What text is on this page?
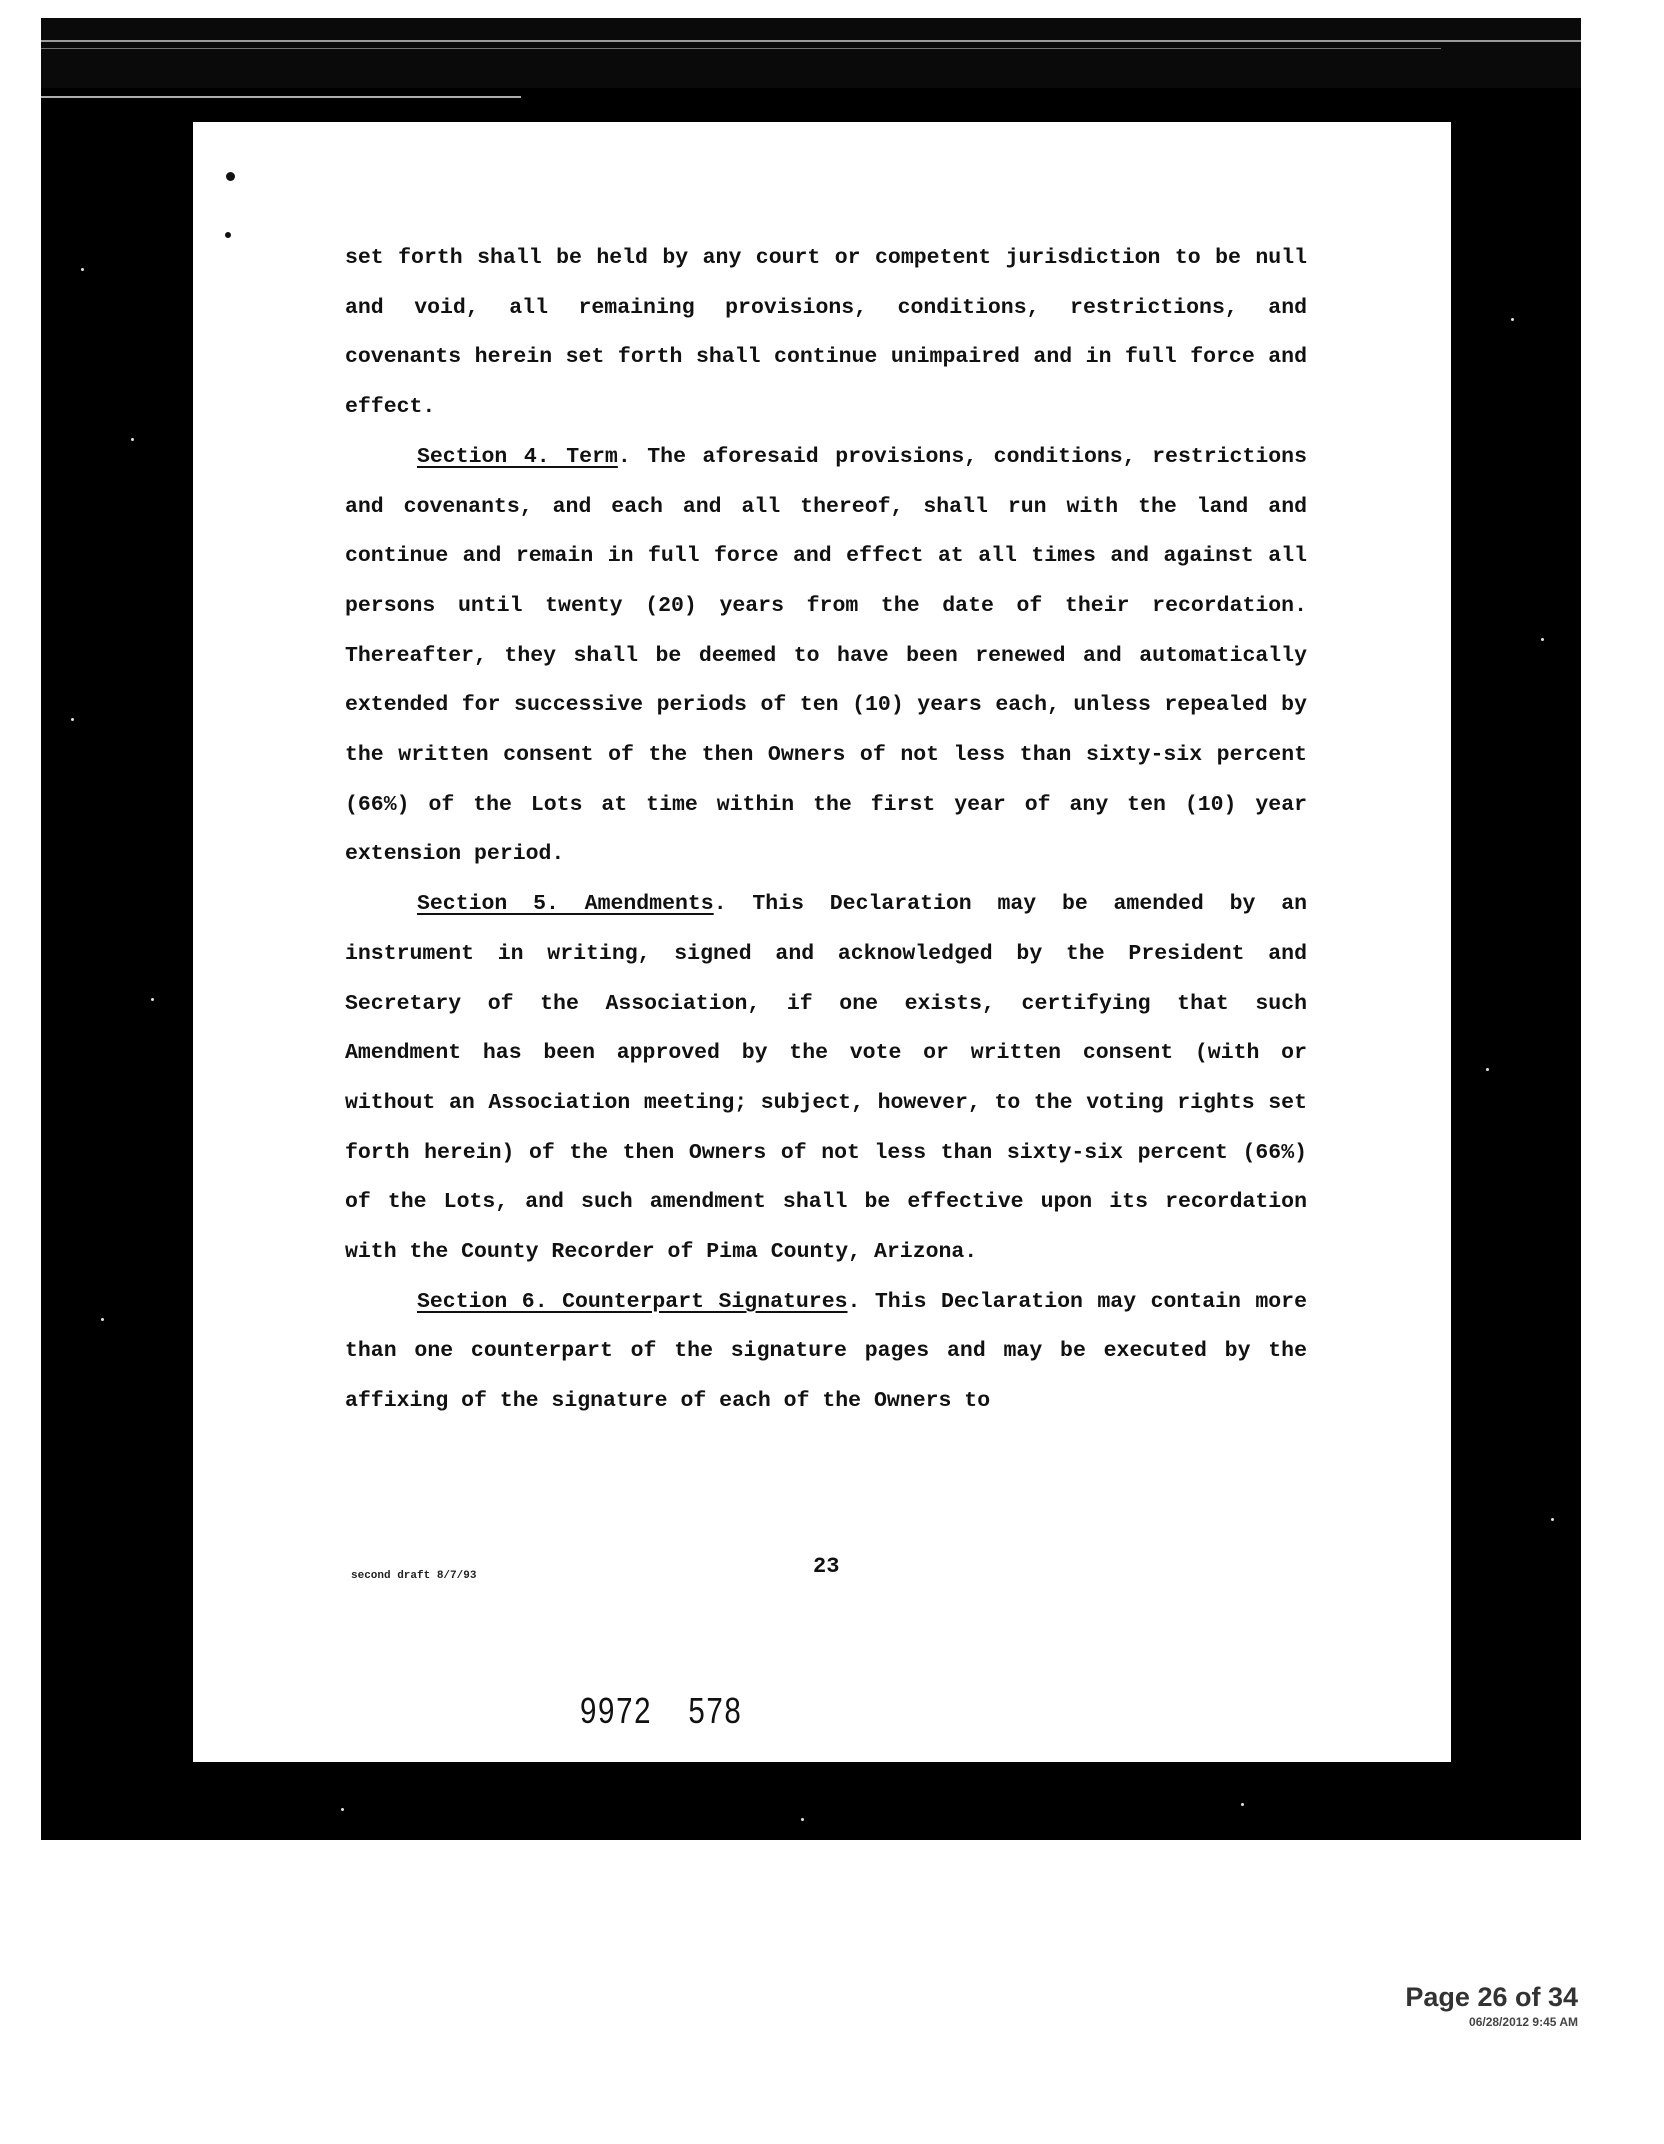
set forth shall be held by any court or competent jurisdiction to be null and void, all remaining provisions, conditions, restrictions, and covenants herein set forth shall continue unimpaired and in full force and effect.

Section 4. Term. The aforesaid provisions, conditions, restrictions and covenants, and each and all thereof, shall run with the land and continue and remain in full force and effect at all times and against all persons until twenty (20) years from the date of their recordation. Thereafter, they shall be deemed to have been renewed and automatically extended for successive periods of ten (10) years each, unless repealed by the written consent of the then Owners of not less than sixty-six percent (66%) of the Lots at time within the first year of any ten (10) year extension period.

Section 5. Amendments. This Declaration may be amended by an instrument in writing, signed and acknowledged by the President and Secretary of the Association, if one exists, certifying that such Amendment has been approved by the vote or written consent (with or without an Association meeting; subject, however, to the voting rights set forth herein) of the then Owners of not less than sixty-six percent (66%) of the Lots, and such amendment shall be effective upon its recordation with the County Recorder of Pima County, Arizona.

Section 6. Counterpart Signatures. This Declaration may contain more than one counterpart of the signature pages and may be executed by the affixing of the signature of each of the Owners to

second draft 8/7/93	23
9972 578
Page 26 of 34
06/28/2012 9:45 AM
